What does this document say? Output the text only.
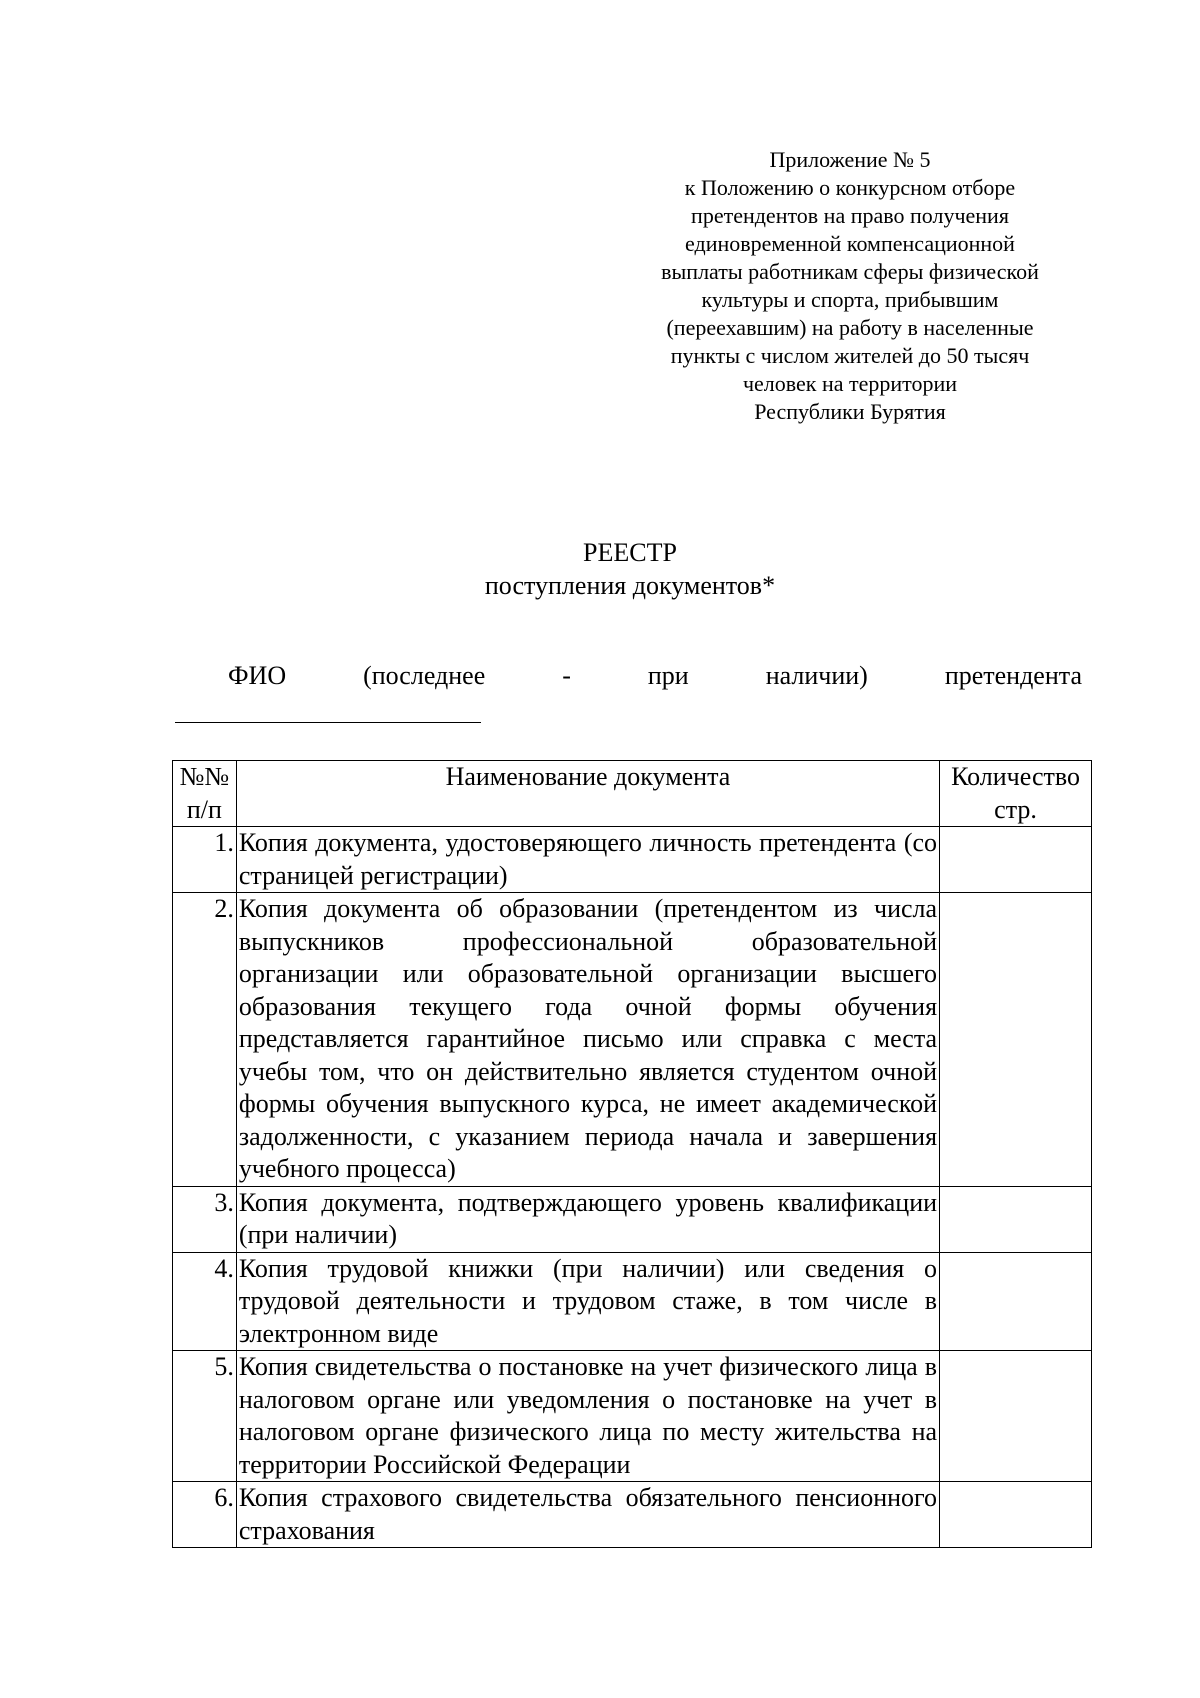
Приложение № 5
к Положению о конкурсном отборе
претендентов на право получения
единовременной компенсационной
выплаты работникам сферы физической
культуры и спорта, прибывшим
(переехавшим) на работу в населенные
пункты с числом жителей до 50 тысяч
человек на территории
Республики Бурятия
РЕЕСТР
поступления документов*
ФИО	(последнее	-	при	наличии)	претендента
№№ п/п	Наименование документа	Количество стр.
1.	Копия документа, удостоверяющего личность претендента (со страницей регистрации)	
2.	Копия документа об образовании (претендентом из числа выпускников профессиональной образовательной организации или образовательной организации высшего образования текущего года очной формы обучения представляется гарантийное письмо или справка с места учебы том, что он действительно является студентом очной формы обучения выпускного курса, не имеет академической задолженности, с указанием периода начала и завершения учебного процесса)	
3.	Копия документа, подтверждающего уровень квалификации (при наличии)	
4.	Копия трудовой книжки (при наличии) или сведения о трудовой деятельности и трудовом стаже, в том числе в электронном виде	
5.	Копия свидетельства о постановке на учет физического лица в налоговом органе или уведомления о постановке на учет в налоговом органе физического лица по месту жительства на территории Российской Федерации	
6.	Копия страхового свидетельства обязательного пенсионного страхования	
